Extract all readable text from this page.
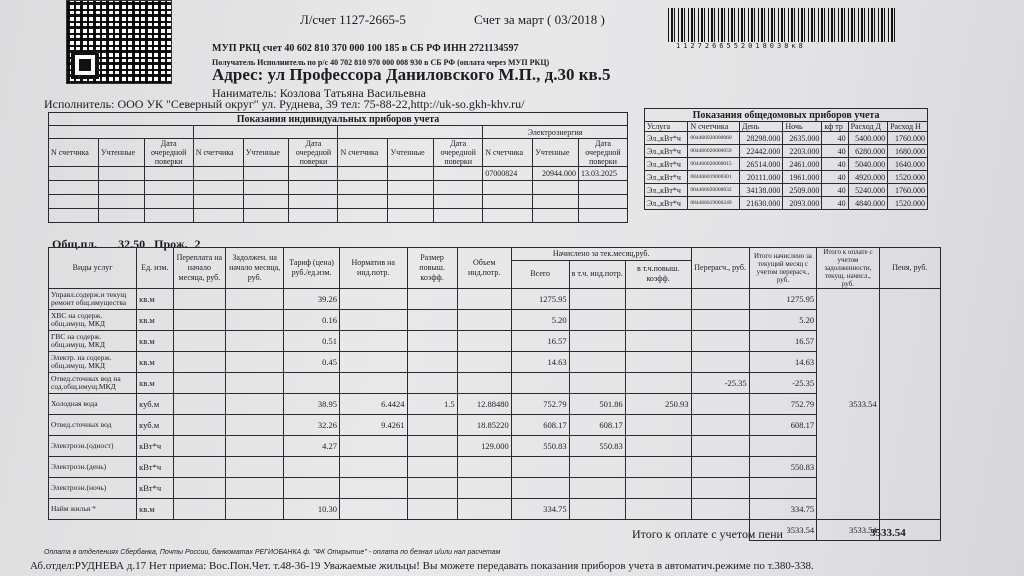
1127266552018038к8
Л/счет 1127-2665-5	Счет за март ( 03/2018 )
МУП РКЦ счет 40 602 810 370 000 100 185 в СБ РФ ИНН 2721134597
Получатель Исполнитель по р/с 40 702 810 970 000 008 930 в СБ РФ (оплата через МУП РКЦ)
Адрес: ул Профессора Даниловского М.П., д.30 кв.5
Наниматель: Козлова Татьяна Васильевна
Исполнитель: ООО УК "Северный округ" ул. Руднева, 39 тел: 75-88-22,http://uk-so.gkh-khv.ru/
Показания индивидуальных приборов учета											
									Электроэнергия		
N счетчика	Учтенные	Дата очередной поверки	N счетчика	Учтенные	Дата очередной поверки	N счетчика	Учтенные	Дата очередной поверки	N счетчика	Учтенные	Дата очередной поверки
									07000824	20944.000	13.03.2025

Показания общедомовых приборов учета						
Услуга	N счетчика	День	Ночь	кф тр	Расход Д	Расход Н
Эл.,кВт*ч	004466020000060	28298.000	2635.000	40	5400.000	1760.000
Эл.,кВт*ч	004466020000059	22442.000	2203.000	40	6280.000	1680.000
Эл.,кВт*ч	004466020000015	26514.000	2461.000	40	5040.000	1640.000
Эл.,кВт*ч	084466019000301	20111.000	1961.000	40	4920.000	1520.000
Эл.,кВт*ч	004466020000032	34138.000	2509.000	40	5240.000	1760.000
Эл.,кВт*ч	084466019000249	21630.000	2093.000	40	4840.000	1520.000
Общ.пл. 32.50 Прож. 2
Виды услуг	Ед. изм.	Переплата на начало месяца, руб.	Задолжен. на начало месяца, руб.	Тариф (цена) руб./ед.изм.	Норматив на инд.потр.	Размер повыш. коэфф.	Объем инд.потр.	Начислено за тек.месяц,руб.			Перерасч., руб.	Итого начислено за текущий месяц с учетом перерасч., руб.	Итого к оплате с учетом задолженности, текущ. начисл., руб.	Пеня, руб.
								Всего	в т.ч. инд.потр.	в т.ч.повыш. коэфф.				
Управл.содерж.и текущ ремонт общ.имущества	кв.м			39.26				1275.95				1275.95	3533.54	
ХВС на содерж. общ.имущ. МКД	кв.м			0.16				5.20				5.20		
ГВС на содерж. общ.имущ. МКД	кв.м			0.51				16.57				16.57		
Электр. на содерж. общ.имущ. МКД	кв.м			0.45				14.63				14.63		
Отвед.сточных вод на сод.общ.имущ.МКД	кв.м										-25.35	-25.35		
Холодная вода	куб.м			38.95	6.4424	1.5	12.88480	752.79	501.86	250.93		752.79		
Отвед.сточных вод	куб.м			32.26	9.4261		18.85220	608.17	608.17			608.17		
Электроэн.(одност)	кВт*ч			4.27			129.000	550.83	550.83					
Электроэн.(день)	кВт*ч											550.83		
Электроэн.(ночь)	кВт*ч													
Найм жилья *	кв.м			10.30				334.75				334.75		
												3533.54	3533.54	
Итого к оплате с учетом пени	3533.54
Оплата в отделениях Сбербанка, Почты России, банкоматах РЕГИОБАНКА ф. "ФК Открытие" - оплата по безнал и/или нал расчетам
Аб.отдел:РУДНЕВА д.17 Нет приема: Вос.Пон.Чет. т.48-36-19 Уважаемые жильцы! Вы можете передавать показания приборов учета в автоматич.режиме по т.380-338.
